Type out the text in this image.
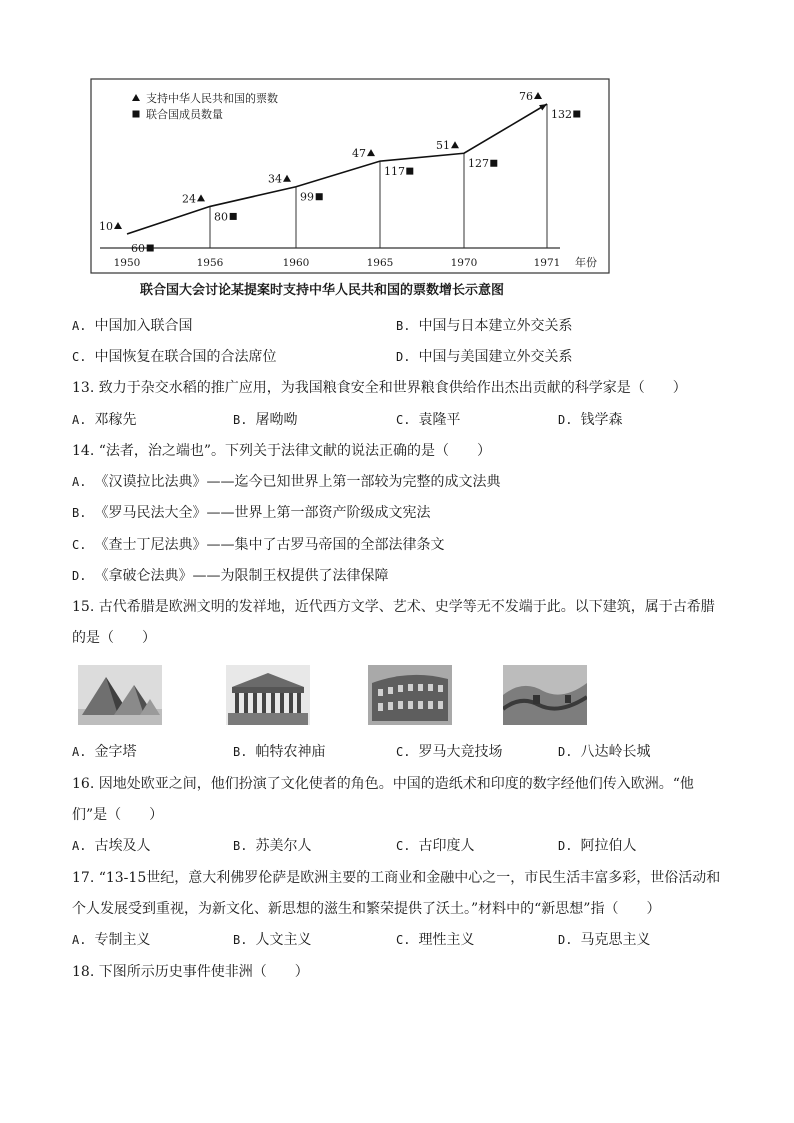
支持中华人民共和国的票数
联合国成员数量
10
24
34
47
51
76
60
80
99
117
127
132
1950	1956	1960	1965	1970	1971 年份
联合国大会讨论某提案时支持中华人民共和国的票数增长示意图
A. 中国加入联合国	B. 中国与日本建立外交关系
C. 中国恢复在联合国的合法席位	D. 中国与美国建立外交关系
13. 致力于杂交水稻的推广应用，为我国粮食安全和世界粮食供给作出杰出贡献的科学家是（　　）
A. 邓稼先	B. 屠呦呦	C. 袁隆平	D. 钱学森
14. “法者，治之端也”。下列关于法律文献的说法正确的是（　　）
A. 《汉谟拉比法典》——迄今已知世界上第一部较为完整的成文法典
B. 《罗马民法大全》——世界上第一部资产阶级成文宪法
C. 《查士丁尼法典》——集中了古罗马帝国的全部法律条文
D. 《拿破仑法典》——为限制王权提供了法律保障
15. 古代希腊是欧洲文明的发祥地，近代西方文学、艺术、史学等无不发端于此。以下建筑，属于古希腊
的是（　　）
A. 金字塔	B. 帕特农神庙	C. 罗马大竞技场	D. 八达岭长城
16. 因地处欧亚之间，他们扮演了文化使者的角色。中国的造纸术和印度的数字经他们传入欧洲。“他
们”是（　　）
A. 古埃及人	B. 苏美尔人	C. 古印度人	D. 阿拉伯人
17. “13-15世纪，意大利佛罗伦萨是欧洲主要的工商业和金融中心之一，市民生活丰富多彩，世俗活动和
个人发展受到重视，为新文化、新思想的滋生和繁荣提供了沃土。”材料中的“新思想”指（　　）
A. 专制主义	B. 人文主义	C. 理性主义	D. 马克思主义
18. 下图所示历史事件使非洲（　　）
